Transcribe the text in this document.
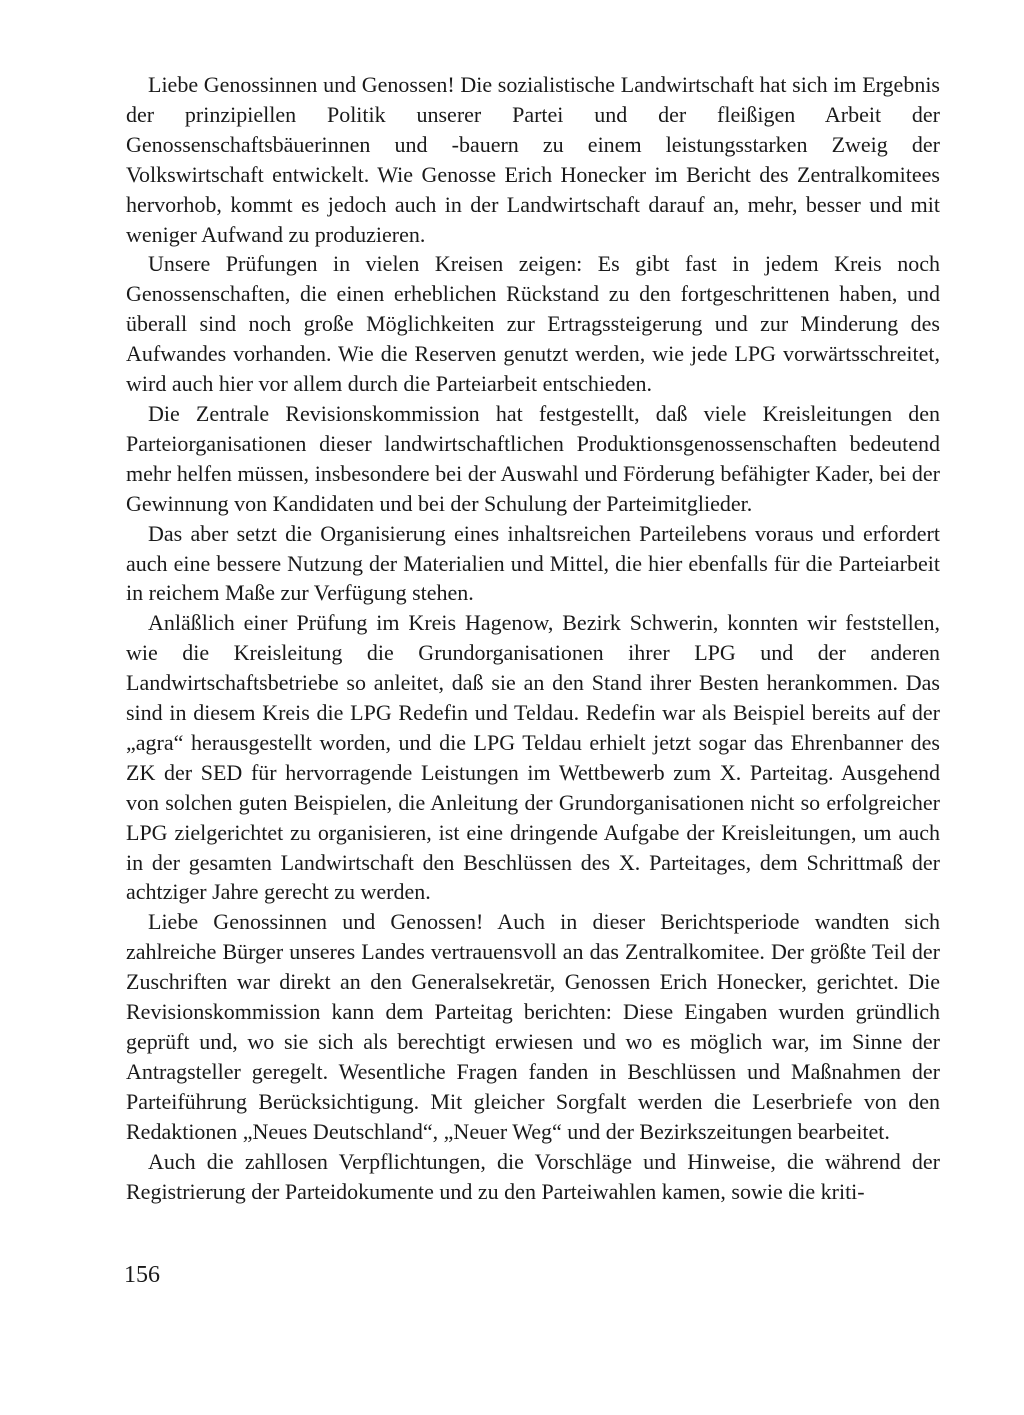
Liebe Genossinnen und Genossen! Die sozialistische Landwirtschaft hat sich im Ergebnis der prinzipiellen Politik unserer Partei und der fleißigen Arbeit der Genossenschaftsbäuerinnen und -bauern zu einem leistungsstarken Zweig der Volkswirtschaft entwickelt. Wie Genosse Erich Honecker im Bericht des Zentralkomitees hervorhob, kommt es jedoch auch in der Landwirtschaft darauf an, mehr, besser und mit weniger Aufwand zu produzieren.

Unsere Prüfungen in vielen Kreisen zeigen: Es gibt fast in jedem Kreis noch Genossenschaften, die einen erheblichen Rückstand zu den fortgeschrittenen haben, und überall sind noch große Möglichkeiten zur Ertragssteigerung und zur Minderung des Aufwandes vorhanden. Wie die Reserven genutzt werden, wie jede LPG vorwärtsschreitet, wird auch hier vor allem durch die Parteiarbeit entschieden.

Die Zentrale Revisionskommission hat festgestellt, daß viele Kreisleitungen den Parteiorganisationen dieser landwirtschaftlichen Produktionsgenossenschaften bedeutend mehr helfen müssen, insbesondere bei der Auswahl und Förderung befähigter Kader, bei der Gewinnung von Kandidaten und bei der Schulung der Parteimitglieder.

Das aber setzt die Organisierung eines inhaltsreichen Parteilebens voraus und erfordert auch eine bessere Nutzung der Materialien und Mittel, die hier ebenfalls für die Parteiarbeit in reichem Maße zur Verfügung stehen.

Anläßlich einer Prüfung im Kreis Hagenow, Bezirk Schwerin, konnten wir feststellen, wie die Kreisleitung die Grundorganisationen ihrer LPG und der anderen Landwirtschaftsbetriebe so anleitet, daß sie an den Stand ihrer Besten herankommen. Das sind in diesem Kreis die LPG Redefin und Teldau. Redefin war als Beispiel bereits auf der „agra“ herausgestellt worden, und die LPG Teldau erhielt jetzt sogar das Ehrenbanner des ZK der SED für hervorragende Leistungen im Wettbewerb zum X. Parteitag. Ausgehend von solchen guten Beispielen, die Anleitung der Grundorganisationen nicht so erfolgreicher LPG zielgerichtet zu organisieren, ist eine dringende Aufgabe der Kreisleitungen, um auch in der gesamten Landwirtschaft den Beschlüssen des X. Parteitages, dem Schrittmaß der achtziger Jahre gerecht zu werden.

Liebe Genossinnen und Genossen! Auch in dieser Berichtsperiode wandten sich zahlreiche Bürger unseres Landes vertrauensvoll an das Zentralkomitee. Der größte Teil der Zuschriften war direkt an den Generalsekretär, Genossen Erich Honecker, gerichtet. Die Revisionskommission kann dem Parteitag berichten: Diese Eingaben wurden gründlich geprüft und, wo sie sich als berechtigt erwiesen und wo es möglich war, im Sinne der Antragsteller geregelt. Wesentliche Fragen fanden in Beschlüssen und Maßnahmen der Parteiführung Berücksichtigung. Mit gleicher Sorgfalt werden die Leserbriefe von den Redaktionen „Neues Deutschland“, „Neuer Weg“ und der Bezirkszeitungen bearbeitet.

Auch die zahllosen Verpflichtungen, die Vorschläge und Hinweise, die während der Registrierung der Parteidokumente und zu den Parteiwahlen kamen, sowie die kriti-

156
